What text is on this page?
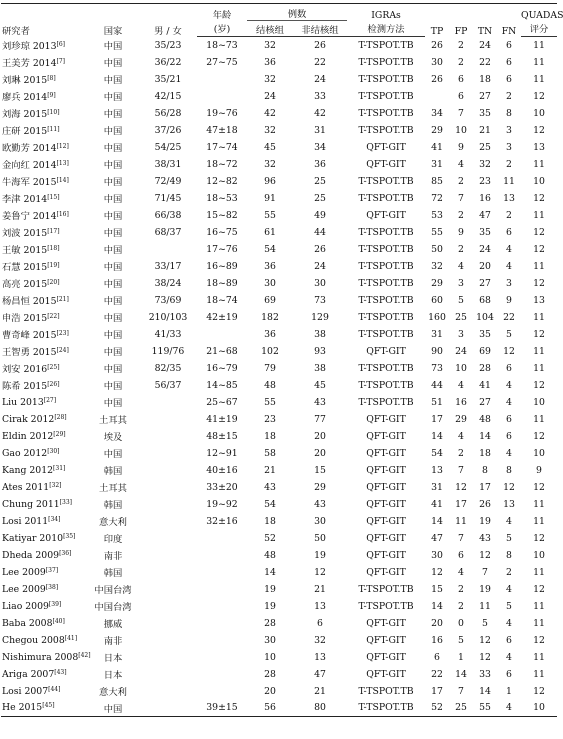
研究者	国家	男 / 女	年龄	例数		IGRAs	TP	FP	TN	FN	QUADAS
			(岁)	结核组	非结核组	检测方法					评分
刘珍琼 2013[6]	中国	35/23	18~73	32	26	T-TSPOT.TB	26	2	24	6	11
王美芳 2014[7]	中国	36/22	27~75	36	22	T-TSPOT.TB	30	2	22	6	11
刘琳 2015[8]	中国	35/21		32	24	T-TSPOT.TB	26	6	18	6	11
廖兵 2014[9]	中国	42/15		24	33	T-TSPOT.TB		6	27	2	12
刘海 2015[10]	中国	56/28	19~76	42	42	T-TSPOT.TB	34	7	35	8	10
庄研 2015[11]	中国	37/26	47±18	32	31	T-TSPOT.TB	29	10	21	3	12
欧勤芳 2014[12]	中国	54/25	17~74	45	34	QFT-GIT	41	9	25	3	13
金向红 2014[13]	中国	38/31	18~72	32	36	QFT-GIT	31	4	32	2	11
牛海军 2015[14]	中国	72/49	12~82	96	25	T-TSPOT.TB	85	2	23	11	10
李津 2014[15]	中国	71/45	18~53	91	25	T-TSPOT.TB	72	7	16	13	12
姜鲁宁 2014[16]	中国	66/38	15~82	55	49	QFT-GIT	53	2	47	2	11
刘波 2015[17]	中国	68/37	16~75	61	44	T-TSPOT.TB	55	9	35	6	12
王敏 2015[18]	中国		17~76	54	26	T-TSPOT.TB	50	2	24	4	12
石慧 2015[19]	中国	33/17	16~89	36	24	T-TSPOT.TB	32	4	20	4	11
高亮 2015[20]	中国	38/24	18~89	30	30	T-TSPOT.TB	29	3	27	3	12
杨昌恒 2015[21]	中国	73/69	18~74	69	73	T-TSPOT.TB	60	5	68	9	13
申浩 2015[22]	中国	210/103	42±19	182	129	T-TSPOT.TB	160	25	104	22	11
曹奇峰 2015[23]	中国	41/33		36	38	T-TSPOT.TB	31	3	35	5	12
王智勇 2015[24]	中国	119/76	21~68	102	93	QFT-GIT	90	24	69	12	11
刘安 2016[25]	中国	82/35	16~79	79	38	T-TSPOT.TB	73	10	28	6	11
陈希 2015[26]	中国	56/37	14~85	48	45	T-TSPOT.TB	44	4	41	4	12
Liu 2013[27]	中国		25~67	55	43	T-TSPOT.TB	51	16	27	4	10
Cirak 2012[28]	土耳其		41±19	23	77	QFT-GIT	17	29	48	6	11
Eldin 2012[29]	埃及		48±15	18	20	QFT-GIT	14	4	14	6	12
Gao 2012[30]	中国		12~91	58	20	QFT-GIT	54	2	18	4	10
Kang 2012[31]	韩国		40±16	21	15	QFT-GIT	13	7	8	8	9
Ates 2011[32]	土耳其		33±20	43	29	QFT-GIT	31	12	17	12	12
Chung 2011[33]	韩国		19~92	54	43	QFT-GIT	41	17	26	13	11
Losi 2011[34]	意大利		32±16	18	30	QFT-GIT	14	11	19	4	11
Katiyar 2010[35]	印度			52	50	QFT-GIT	47	7	43	5	12
Dheda 2009[36]	南非			48	19	QFT-GIT	30	6	12	8	10
Lee 2009[37]	韩国			14	12	QFT-GIT	12	4	7	2	11
Lee 2009[38]	中国台湾			19	21	T-TSPOT.TB	15	2	19	4	12
Liao 2009[39]	中国台湾			19	13	T-TSPOT.TB	14	2	11	5	11
Baba 2008[40]	挪威			28	6	QFT-GIT	20	0	5	4	11
Chegou 2008[41]	南非			30	32	QFT-GIT	16	5	12	6	12
Nishimura 2008[42]	日本			10	13	QFT-GIT	6	1	12	4	11
Ariga 2007[43]	日本			28	47	QFT-GIT	22	14	33	6	11
Losi 2007[44]	意大利			20	21	T-TSPOT.TB	17	7	14	1	12
He 2015[45]	中国		39±15	56	80	T-TSPOT.TB	52	25	55	4	10
